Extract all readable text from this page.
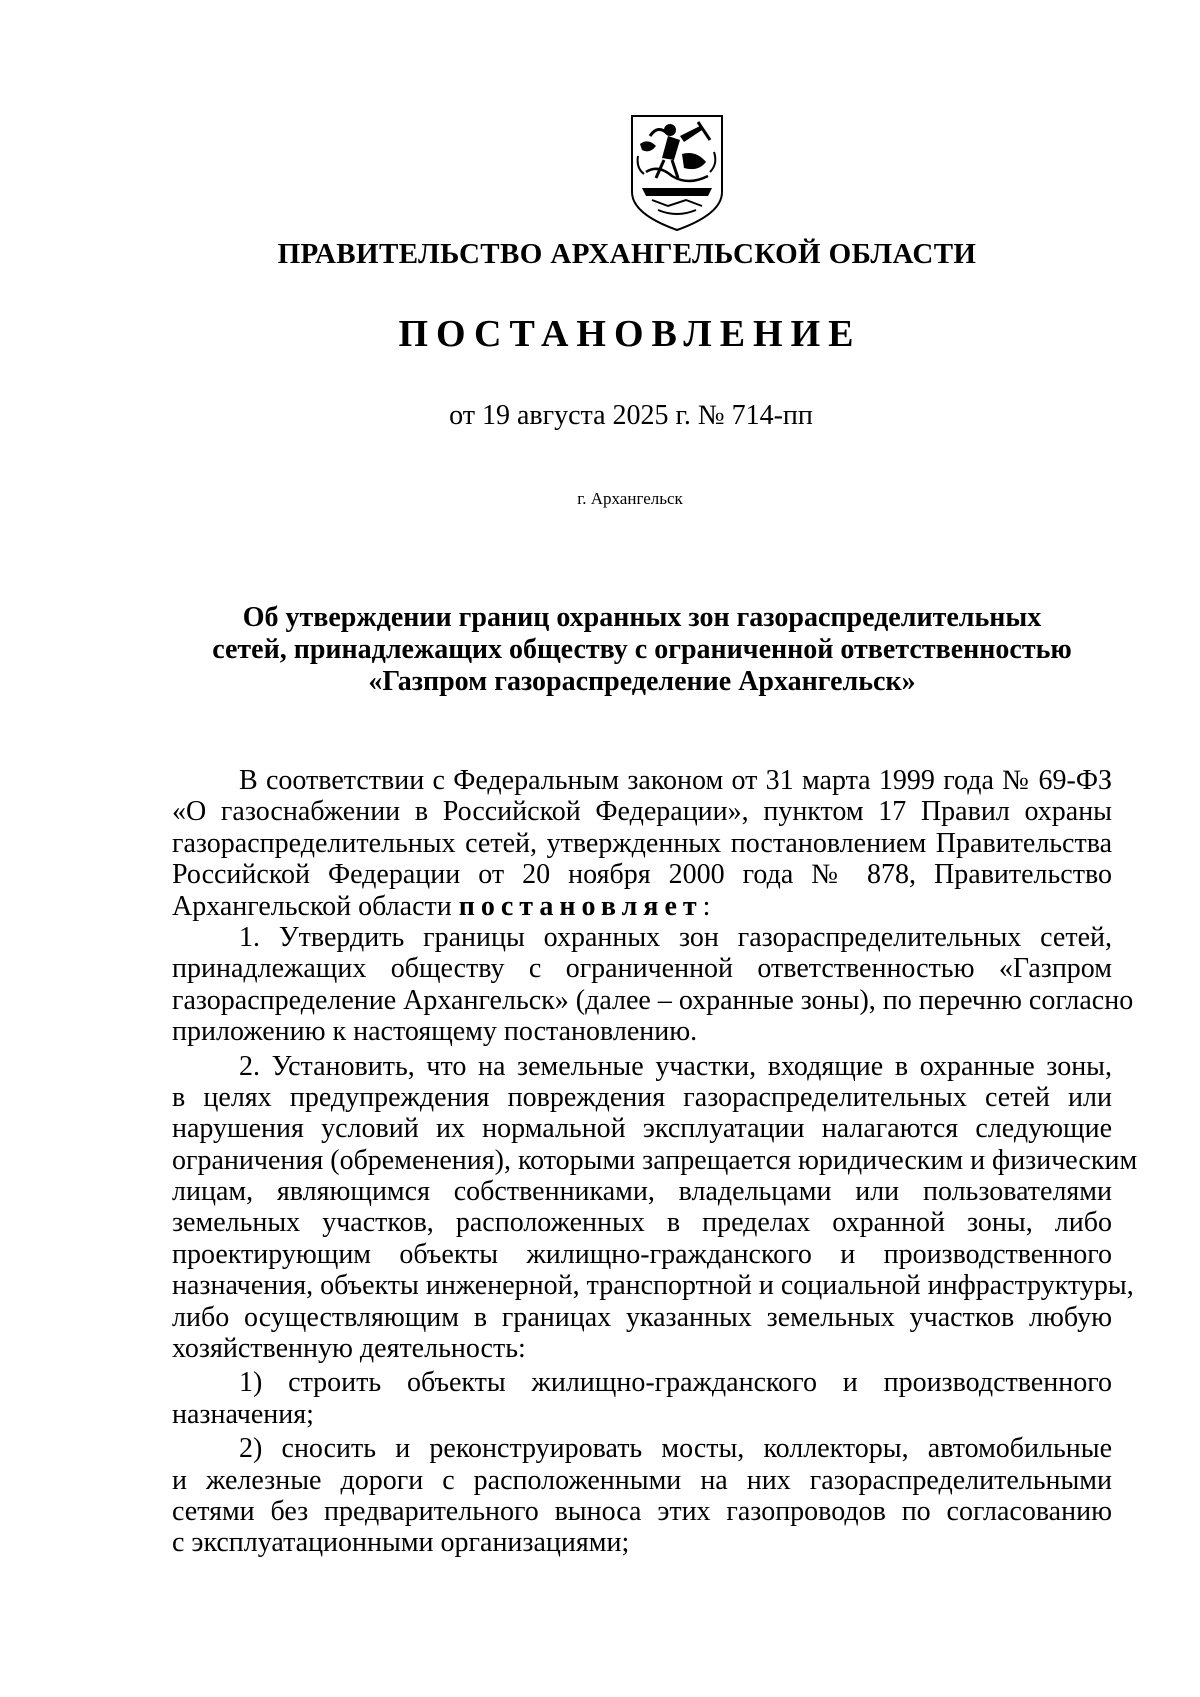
ПРАВИТЕЛЬСТВО АРХАНГЕЛЬСКОЙ ОБЛАСТИ
ПОСТАНОВЛЕНИЕ
от 19 августа 2025 г. № 714-пп
г. Архангельск
Об утверждении границ охранных зон газораспределительных
сетей, принадлежащих обществу с ограниченной ответственностью
«Газпром газораспределение Архангельск»
В соответствии с Федеральным законом от 31 марта 1999 года № 69-ФЗ
«О газоснабжении в Российской Федерации», пунктом 17 Правил охраны
газораспределительных сетей, утвержденных постановлением Правительства
Российской Федерации от 20 ноября 2000 года № 878, Правительство
Архангельской области постановляет:
1. Утвердить границы охранных зон газораспределительных сетей,
принадлежащих обществу с ограниченной ответственностью «Газпром
газораспределение Архангельск» (далее – охранные зоны), по перечню согласно
приложению к настоящему постановлению.
2. Установить, что на земельные участки, входящие в охранные зоны,
в целях предупреждения повреждения газораспределительных сетей или
нарушения условий их нормальной эксплуатации налагаются следующие
ограничения (обременения), которыми запрещается юридическим и физическим
лицам, являющимся собственниками, владельцами или пользователями
земельных участков, расположенных в пределах охранной зоны, либо
проектирующим объекты жилищно-гражданского и производственного
назначения, объекты инженерной, транспортной и социальной инфраструктуры,
либо осуществляющим в границах указанных земельных участков любую
хозяйственную деятельность:
1) строить объекты жилищно-гражданского и производственного
назначения;
2) сносить и реконструировать мосты, коллекторы, автомобильные
и железные дороги с расположенными на них газораспределительными
сетями без предварительного выноса этих газопроводов по согласованию
с эксплуатационными организациями;
